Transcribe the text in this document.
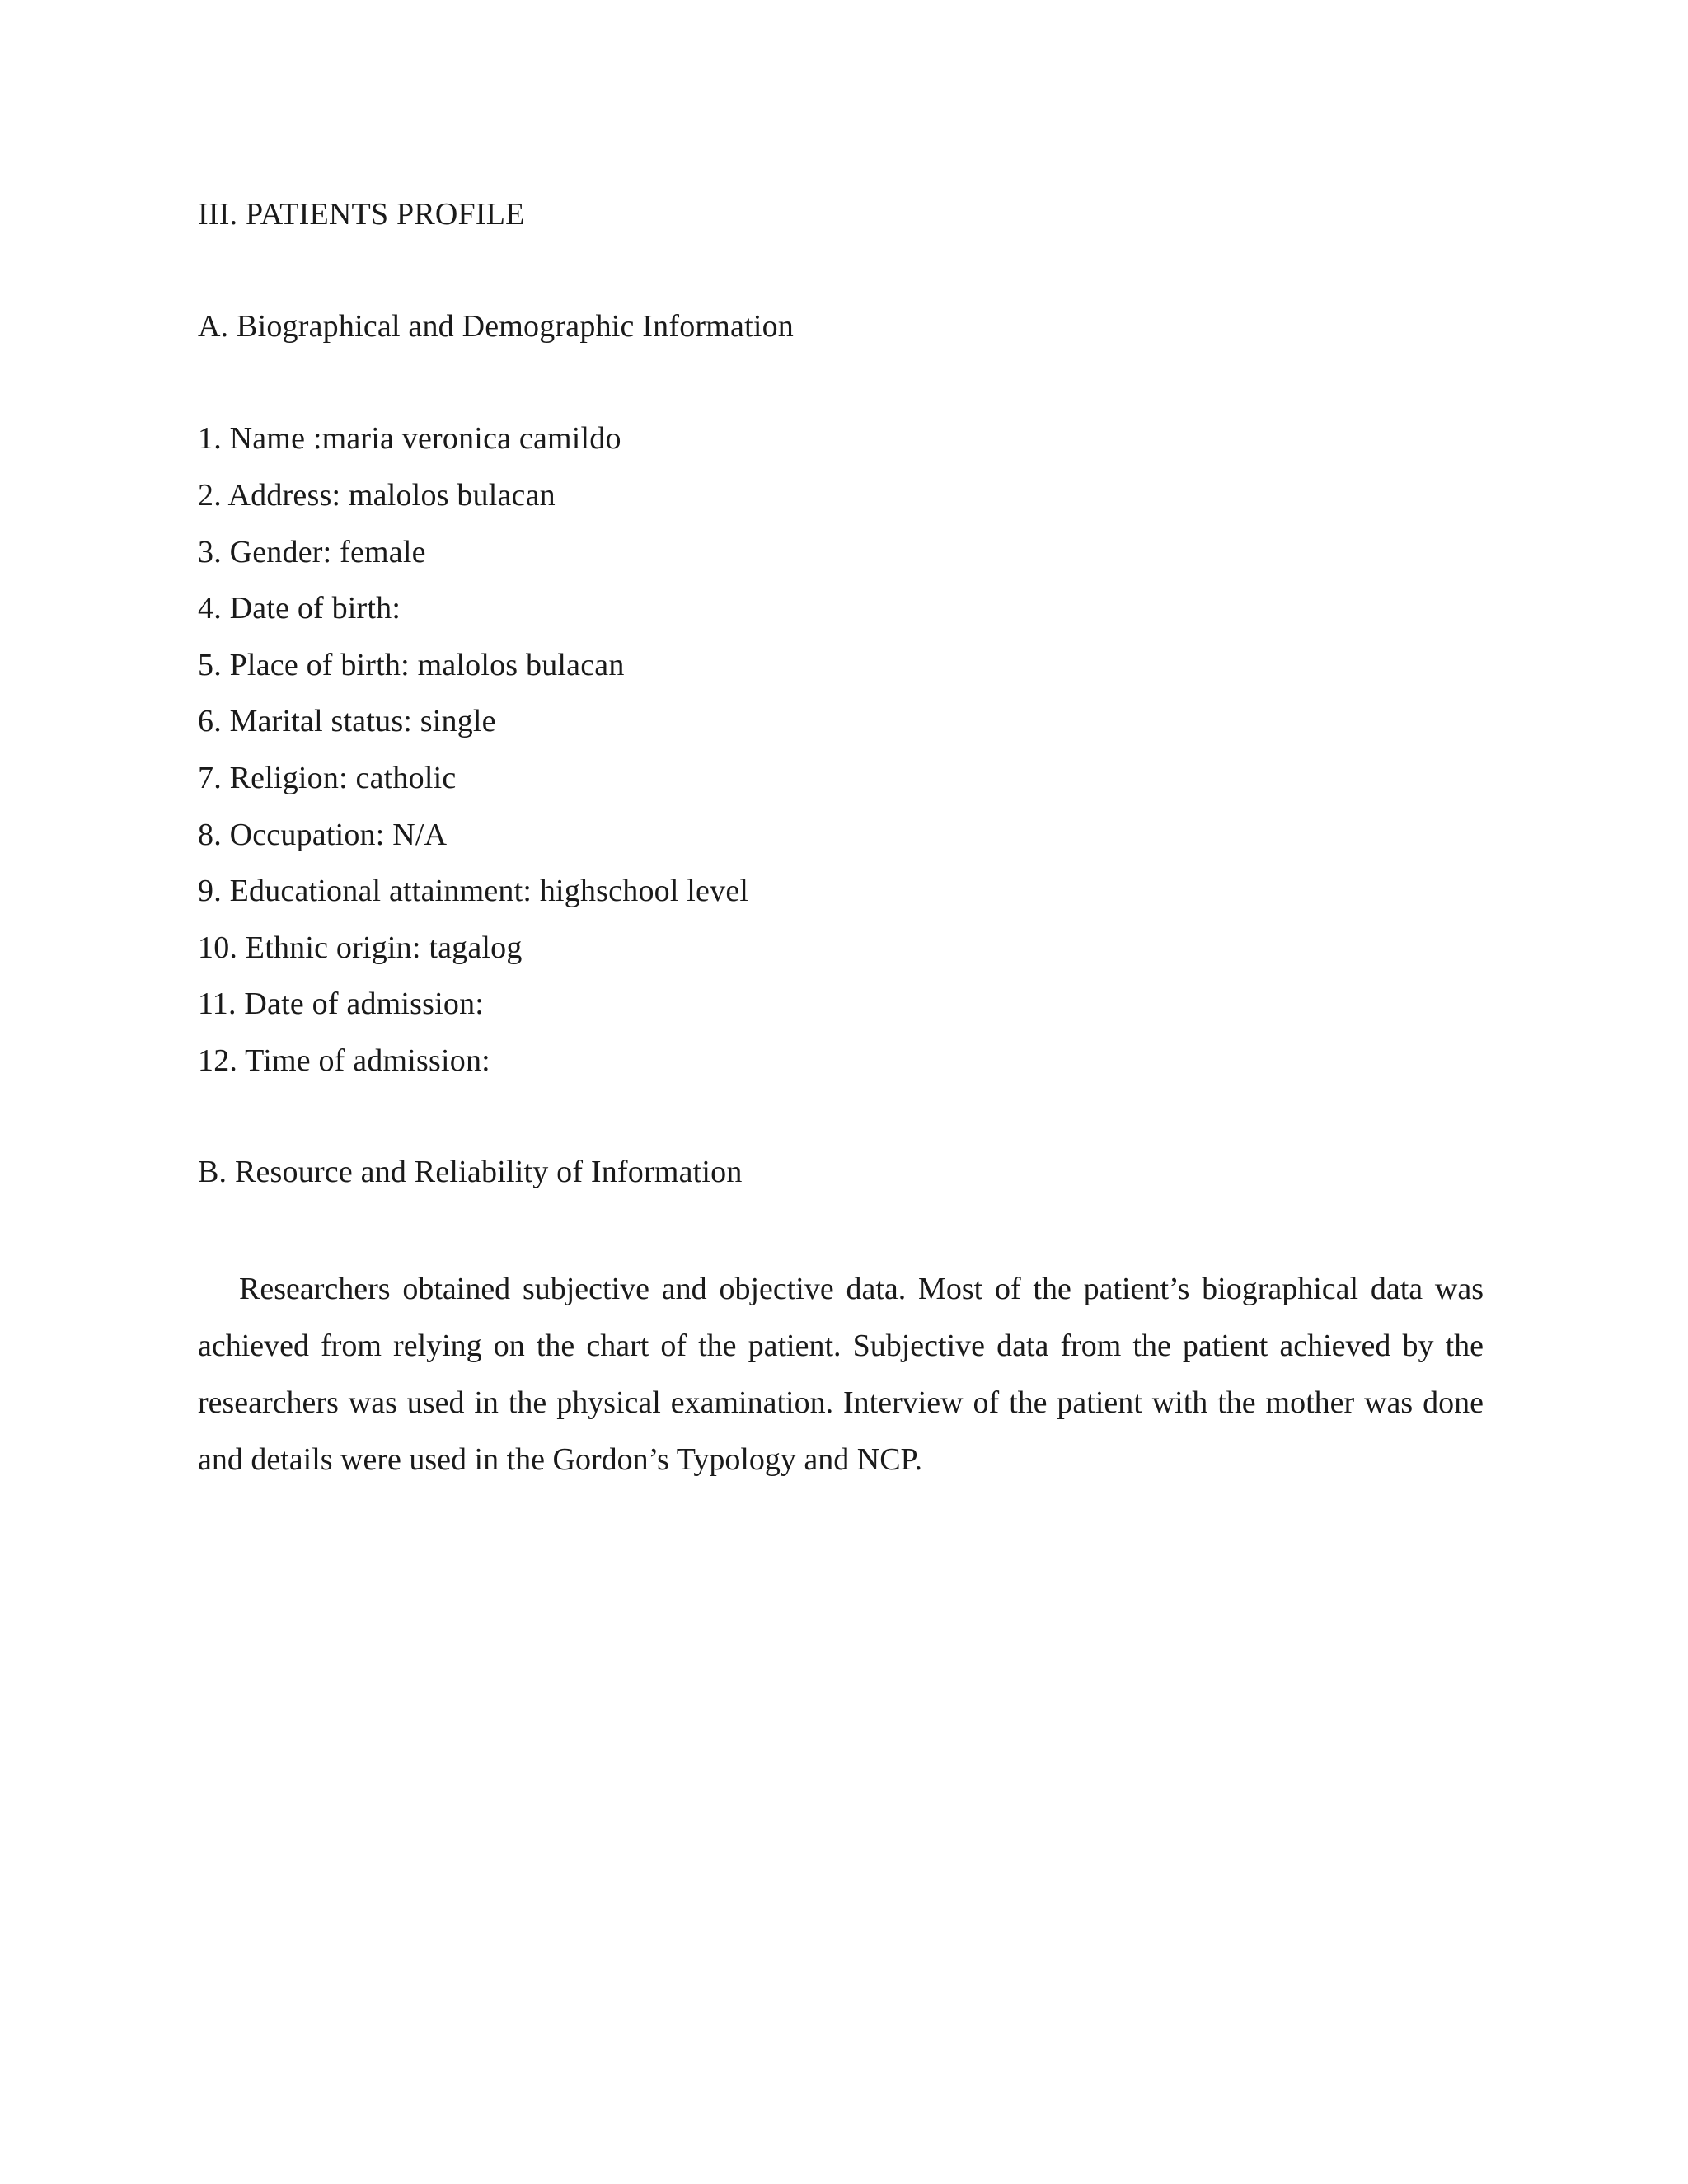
III. PATIENTS PROFILE
A. Biographical and Demographic Information
1. Name :maria veronica camildo
2. Address: malolos bulacan
3. Gender: female
4. Date of birth:
5. Place of birth: malolos bulacan
6. Marital status: single
7. Religion: catholic
8. Occupation: N/A
9. Educational attainment: highschool level
10. Ethnic origin: tagalog
11. Date of admission:
12. Time of admission:
B. Resource and Reliability of Information
Researchers obtained subjective and objective data. Most of the patient’s biographical data was achieved from relying on the chart of the patient. Subjective data from the patient achieved by the researchers was used in the physical examination. Interview of the patient with the mother was done and details were used in the Gordon’s Typology and NCP.
